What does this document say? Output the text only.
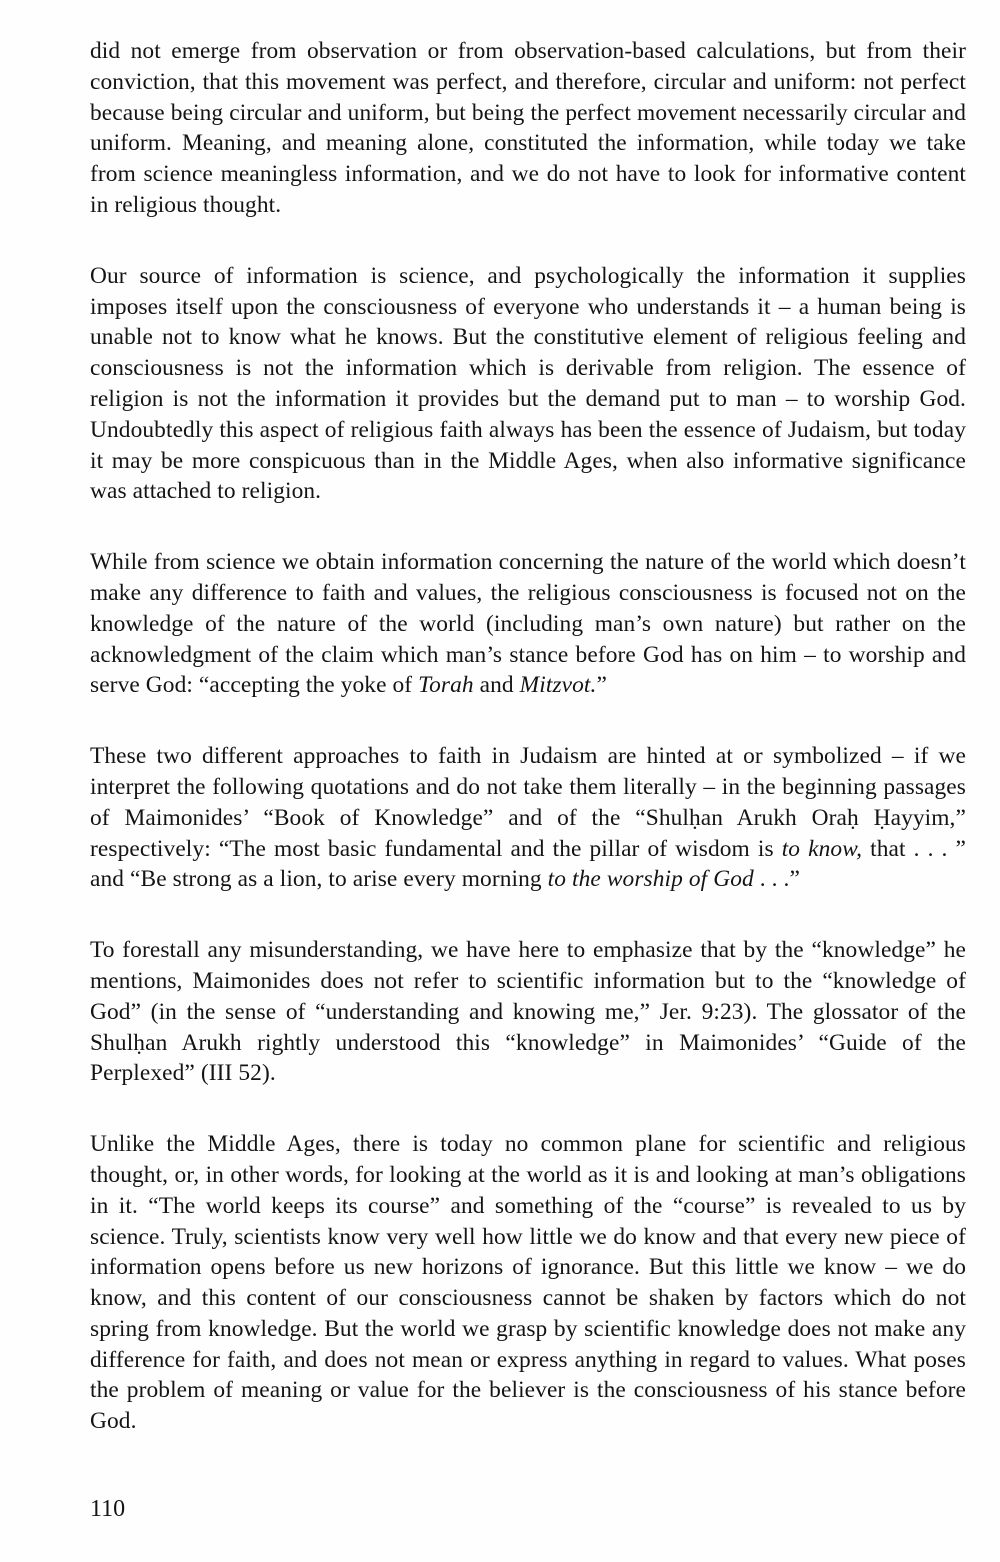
did not emerge from observation or from observation-based calculations, but from their conviction, that this movement was perfect, and therefore, circular and uniform: not perfect because being circular and uniform, but being the perfect movement necessarily circular and uniform. Meaning, and meaning alone, constituted the information, while today we take from science meaningless information, and we do not have to look for informative content in religious thought.

Our source of information is science, and psychologically the information it supplies imposes itself upon the consciousness of everyone who understands it – a human being is unable not to know what he knows. But the constitutive element of religious feeling and consciousness is not the information which is derivable from religion. The essence of religion is not the information it provides but the demand put to man – to worship God. Undoubtedly this aspect of religious faith always has been the essence of Judaism, but today it may be more conspicuous than in the Middle Ages, when also informative significance was attached to religion.

While from science we obtain information concerning the nature of the world which doesn’t make any difference to faith and values, the religious consciousness is focused not on the knowledge of the nature of the world (including man’s own nature) but rather on the acknowledgment of the claim which man’s stance before God has on him – to worship and serve God: “accepting the yoke of Torah and Mitzvot.”

These two different approaches to faith in Judaism are hinted at or symbolized – if we interpret the following quotations and do not take them literally – in the beginning passages of Maimonides’ “Book of Knowledge” and of the “Shulḥan Arukh Oraḥ Ḥayyim,” respectively: “The most basic fundamental and the pillar of wisdom is to know, that . . . ” and “Be strong as a lion, to arise every morning to the worship of God . . .”

To forestall any misunderstanding, we have here to emphasize that by the “knowledge” he mentions, Maimonides does not refer to scientific information but to the “knowledge of God” (in the sense of “understanding and knowing me,” Jer. 9:23). The glossator of the Shulḥan Arukh rightly understood this “knowledge” in Maimonides’ “Guide of the Perplexed” (III 52).

Unlike the Middle Ages, there is today no common plane for scientific and religious thought, or, in other words, for looking at the world as it is and looking at man’s obligations in it. “The world keeps its course” and something of the “course” is revealed to us by science. Truly, scientists know very well how little we do know and that every new piece of information opens before us new horizons of ignorance. But this little we know – we do know, and this content of our consciousness cannot be shaken by factors which do not spring from knowledge. But the world we grasp by scientific knowledge does not make any difference for faith, and does not mean or express anything in regard to values. What poses the problem of meaning or value for the believer is the consciousness of his stance before God.

110
